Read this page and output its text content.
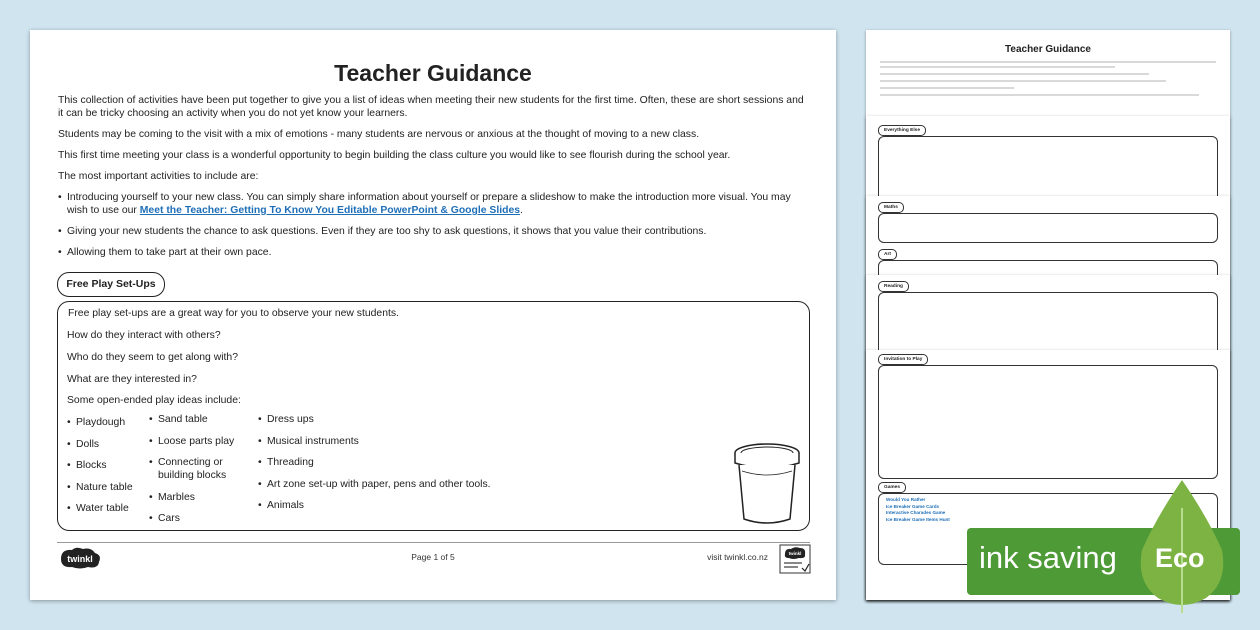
Teacher Guidance

This collection of activities have been put together to give you a list of ideas when meeting their new students for the first time. Often, these are short sessions and it can be tricky choosing an activity when you do not yet know your learners.

Students may be coming to the visit with a mix of emotions - many students are nervous or anxious at the thought of moving to a new class.

This first time meeting your class is a wonderful opportunity to begin building the class culture you would like to see flourish during the school year.

The most important activities to include are:

• Introducing yourself to your new class. You can simply share information about yourself or prepare a slideshow to make the introduction more visual. You may wish to use our Meet the Teacher: Getting To Know You Editable PowerPoint & Google Slides.
• Giving your new students the chance to ask questions. Even if they are too shy to ask questions, it shows that you value their contributions.
• Allowing them to take part at their own pace.
Free Play Set-Ups
Free play set-ups are a great way for you to observe your new students.
How do they interact with others?
Who do they seem to get along with?
What are they interested in?
Some open-ended play ideas include:
• Playdough
• Dolls
• Blocks
• Nature table
• Water table
• Sand table
• Loose parts play
• Connecting or building blocks
• Marbles
• Cars
• Dress ups
• Musical instruments
• Threading
• Art zone set-up with paper, pens and other tools.
• Animals
twinkl	Page 1 of 5	visit twinkl.co.nz	twinkl
Teacher Guidance
Everything Else
Maths
Art
Reading
Invitation to Play
Games
Would You Rather
Ice Breaker Game Cards
Interactive Charades Game
Ice Breaker Game Items Hunt
ink saving Eco
